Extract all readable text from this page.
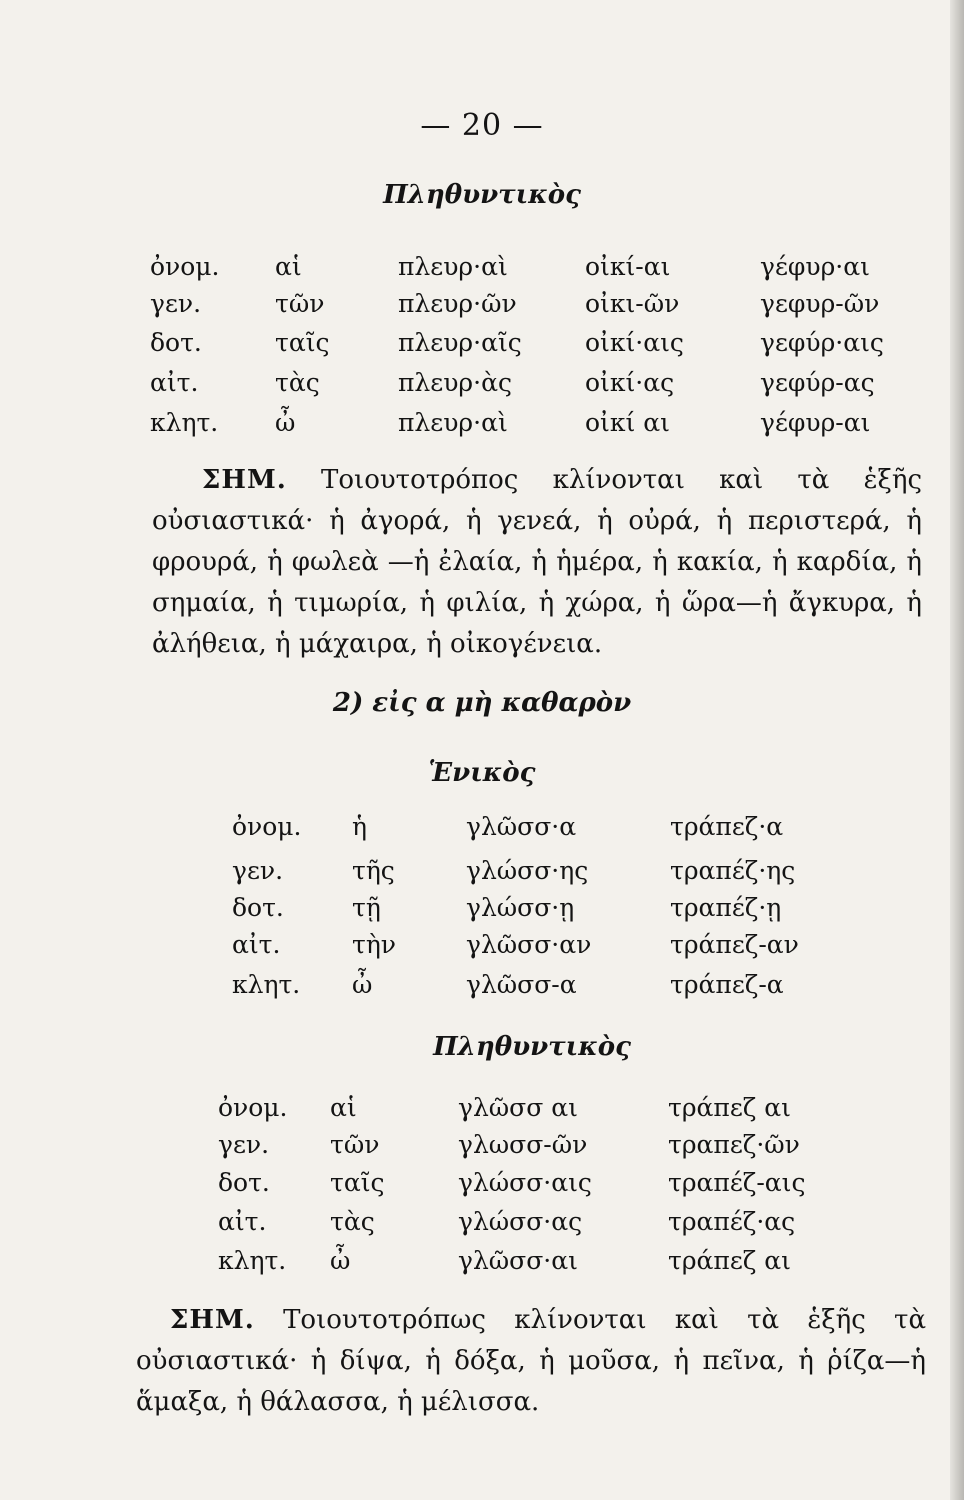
— 20 —
Πληθυντικὸς
ὀνομ. αἱ	πλευρ·αὶ	οἰκί-αι	γέφυρ·αι
γεν.	τῶν	πλευρ·ῶν	οἰκι-ῶν	γεφυρ-ῶν
δοτ.	ταῖς	πλευρ·αῖς	οἰκί·αις	γεφύρ·αις
αἰτ.	τὰς	πλευρ·ὰς	οἰκί·ας	γεφύρ-ας
κλητ. ὦ	πλευρ·αὶ	οἰκί αι	γέφυρ-αι
ΣΗΜ. Τοιουτοτρόπος κλίνονται καὶ τὰ ἑξῆς οὐσιαστικά· ἡ ἀγορά, ἡ γενεά, ἡ οὐρά, ἡ περιστερά, ἡ φρουρά, ἡ φωλεὰ —ἡ ἐλαία, ἡ ἡμέρα, ἡ κακία, ἡ καρδία, ἡ σημαία, ἡ τιμωρία, ἡ φιλία, ἡ χώρα, ἡ ὥρα—ἡ ἄγκυρα, ἡ ἀλήθεια, ἡ μάχαιρα, ἡ οἰκογένεια.
2) εἰς α μὴ καθαρὸν
Ἑνικὸς
ὀνομ. ἡ	γλῶσσ·α	τράπεζ·α
γεν.	τῆς	γλώσσ·ης	τραπέζ·ης
δοτ.	τῇ	γλώσσ·ῃ	τραπέζ·ῃ
αἰτ.	τὴν	γλῶσσ·αν	τράπεζ-αν
κλητ. ὦ	γλῶσσ-α	τράπεζ-α
Πληθυντικὸς
ὀνομ. αἱ	γλῶσσ αι	τράπεζ αι
γεν. τῶν	γλωσσ-ῶν	τραπεζ·ῶν
δοτ. ταῖς	γλώσσ·αις	τραπέζ-αις
αἰτ.	τὰς	γλώσσ·ας	τραπέζ·ας
κλητ. ὦ	γλῶσσ·αι	τράπεζ αι
ΣΗΜ. Τοιουτοτρόπως κλίνονται καὶ τὰ ἑξῆς τὰ οὐσιαστικά· ἡ δίψα, ἡ δόξα, ἡ μοῦσα, ἡ πεῖνα, ἡ ῥίζα—ἡ ἅμαξα, ἡ θάλασσα, ἡ μέλισσα.
